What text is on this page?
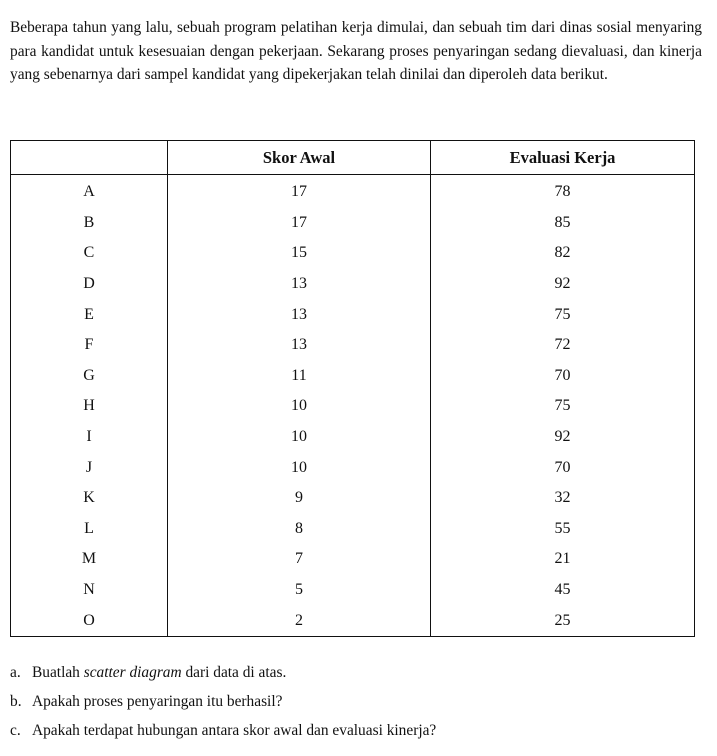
Beberapa tahun yang lalu, sebuah program pelatihan kerja dimulai, dan sebuah tim dari dinas sosial menyaring para kandidat untuk kesesuaian dengan pekerjaan. Sekarang proses penyaringan sedang dievaluasi, dan kinerja yang sebenarnya dari sampel kandidat yang dipekerjakan telah dinilai dan diperoleh data berikut.

	Skor Awal	Evaluasi Kerja
A	17	78
B	17	85
C	15	82
D	13	92
E	13	75
F	13	72
G	11	70
H	10	75
I	10	92
J	10	70
K	9	32
L	8	55
M	7	21
N	5	45
O	2	25
a. Buatlah scatter diagram dari data di atas.
b. Apakah proses penyaringan itu berhasil?
c. Apakah terdapat hubungan antara skor awal dan evaluasi kinerja?
